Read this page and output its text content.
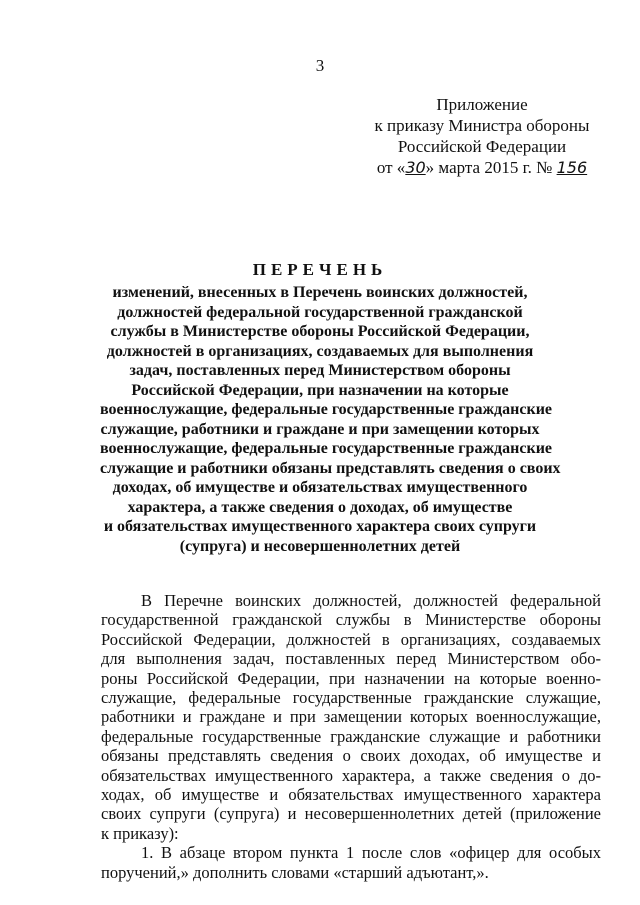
3
Приложение
к приказу Министра обороны
Российской Федерации
от «30» марта 2015 г. № 156
ПЕРЕЧЕНЬ
изменений, внесенных в Перечень воинских должностей,
должностей федеральной государственной гражданской
службы в Министерстве обороны Российской Федерации,
должностей в организациях, создаваемых для выполнения
задач, поставленных перед Министерством обороны
Российской Федерации, при назначении на которые
военнослужащие, федеральные государственные гражданские
служащие, работники и граждане и при замещении которых
военнослужащие, федеральные государственные гражданские
служащие и работники обязаны представлять сведения о своих
доходах, об имуществе и обязательствах имущественного
характера, а также сведения о доходах, об имуществе
и обязательствах имущественного характера своих супруги
(супруга) и несовершеннолетних детей
В Перечне воинских должностей, должностей федеральной
государственной гражданской службы в Министерстве обороны
Российской Федерации, должностей в организациях, создаваемых
для выполнения задач, поставленных перед Министерством обо-
роны Российской Федерации, при назначении на которые военно-
служащие, федеральные государственные гражданские служащие,
работники и граждане и при замещении которых военнослужащие,
федеральные государственные гражданские служащие и работники
обязаны представлять сведения о своих доходах, об имуществе и
обязательствах имущественного характера, а также сведения о до-
ходах, об имуществе и обязательствах имущественного характера
своих супруги (супруга) и несовершеннолетних детей (приложение
к приказу):
1. В абзаце втором пункта 1 после слов «офицер для особых
поручений,» дополнить словами «старший адъютант,».
